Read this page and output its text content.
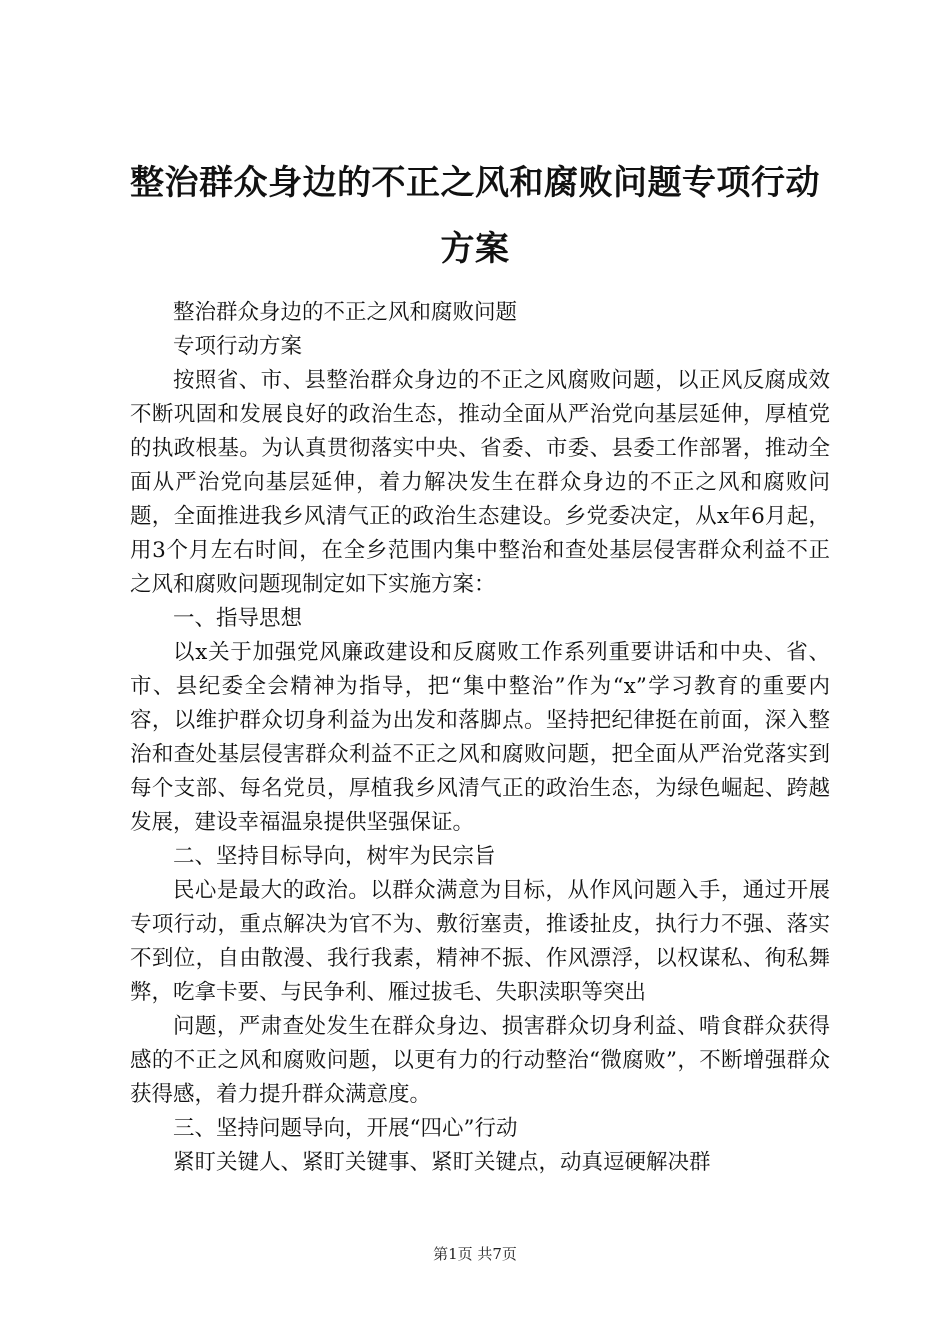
整治群众身边的不正之风和腐败问题专项行动
方案

整治群众身边的不正之风和腐败问题

专项行动方案

按照省、市、县整治群众身边的不正之风腐败问题，以正风反腐成效不断巩固和发展良好的政治生态，推动全面从严治党向基层延伸，厚植党的执政根基。为认真贯彻落实中央、省委、市委、县委工作部署，推动全面从严治党向基层延伸，着力解决发生在群众身边的不正之风和腐败问题，全面推进我乡风清气正的政治生态建设。乡党委决定，从x年6月起，用3个月左右时间，在全乡范围内集中整治和查处基层侵害群众利益不正之风和腐败问题现制定如下实施方案：

一、指导思想

以x关于加强党风廉政建设和反腐败工作系列重要讲话和中央、省、市、县纪委全会精神为指导，把“集中整治”作为“x”学习教育的重要内容，以维护群众切身利益为出发和落脚点。坚持把纪律挺在前面，深入整治和查处基层侵害群众利益不正之风和腐败问题，把全面从严治党落实到每个支部、每名党员，厚植我乡风清气正的政治生态，为绿色崛起、跨越发展，建设幸福温泉提供坚强保证。

二、坚持目标导向，树牢为民宗旨

民心是最大的政治。以群众满意为目标，从作风问题入手，通过开展专项行动，重点解决为官不为、敷衍塞责，推诿扯皮，执行力不强、落实不到位，自由散漫、我行我素，精神不振、作风漂浮，以权谋私、徇私舞弊，吃拿卡要、与民争利、雁过拔毛、失职渎职等突出

问题，严肃查处发生在群众身边、损害群众切身利益、啃食群众获得感的不正之风和腐败问题，以更有力的行动整治“微腐败”，不断增强群众获得感，着力提升群众满意度。

三、坚持问题导向，开展“四心”行动

紧盯关键人、紧盯关键事、紧盯关键点，动真逗硬解决群

第1页 共7页
